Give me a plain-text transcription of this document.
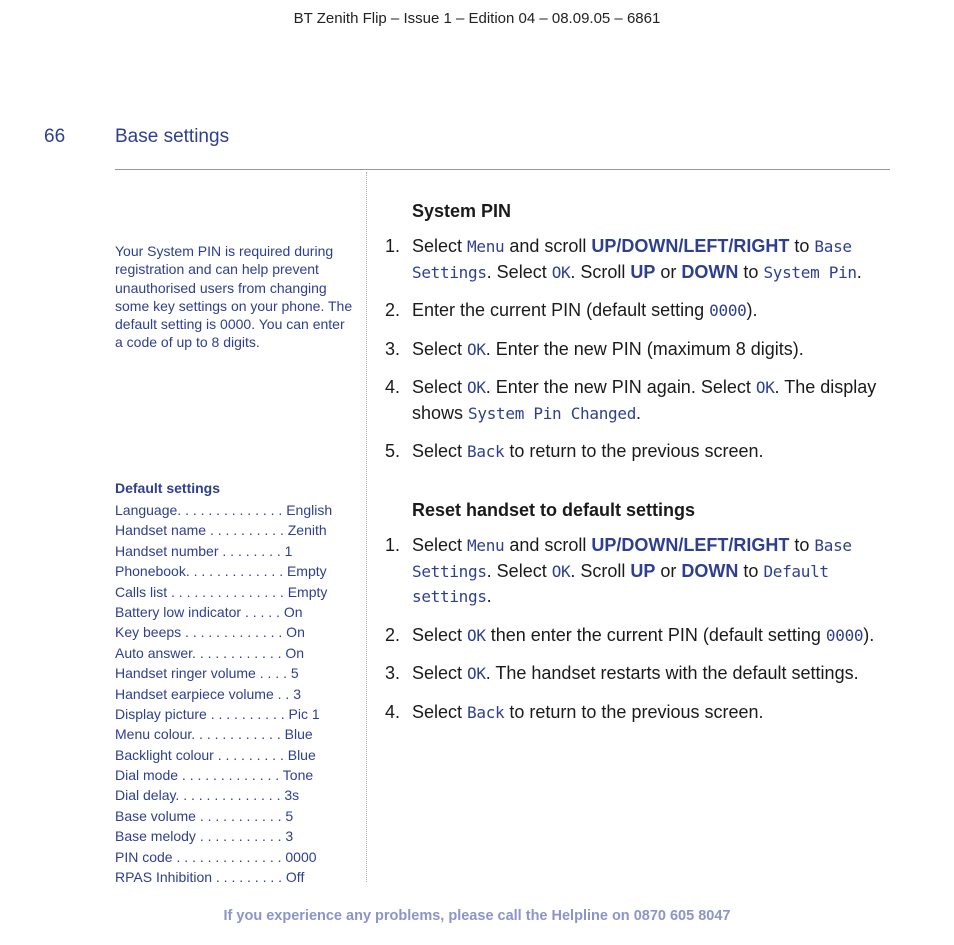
BT Zenith Flip – Issue 1 – Edition 04 – 08.09.05 – 6861
66	Base settings
Your System PIN is required during registration and can help prevent unauthorised users from changing some key settings on your phone. The default setting is 0000. You can enter a code of up to 8 digits.
Default settings
Language. . . . . . . . . . . . . . English
Handset name . . . . . . . . . . Zenith
Handset number . . . . . . . . 1
Phonebook. . . . . . . . . . . . . Empty
Calls list . . . . . . . . . . . . . . . Empty
Battery low indicator . . . . . On
Key beeps . . . . . . . . . . . . . On
Auto answer. . . . . . . . . . . . On
Handset ringer volume . . . . 5
Handset earpiece volume . . 3
Display picture . . . . . . . . . . Pic 1
Menu colour. . . . . . . . . . . . Blue
Backlight colour . . . . . . . . . Blue
Dial mode . . . . . . . . . . . . . Tone
Dial delay. . . . . . . . . . . . . . 3s
Base volume . . . . . . . . . . . 5
Base melody . . . . . . . . . . . 3
PIN code . . . . . . . . . . . . . . 0000
RPAS Inhibition . . . . . . . . . Off
System PIN
1. Select Menu and scroll UP/DOWN/LEFT/RIGHT to Base Settings. Select OK. Scroll UP or DOWN to System Pin.
2. Enter the current PIN (default setting 0000).
3. Select OK. Enter the new PIN (maximum 8 digits).
4. Select OK. Enter the new PIN again. Select OK. The display shows System Pin Changed.
5. Select Back to return to the previous screen.
Reset handset to default settings
1. Select Menu and scroll UP/DOWN/LEFT/RIGHT to Base Settings. Select OK. Scroll UP or DOWN to Default settings.
2. Select OK then enter the current PIN (default setting 0000).
3. Select OK. The handset restarts with the default settings.
4. Select Back to return to the previous screen.
If you experience any problems, please call the Helpline on 0870 605 8047
